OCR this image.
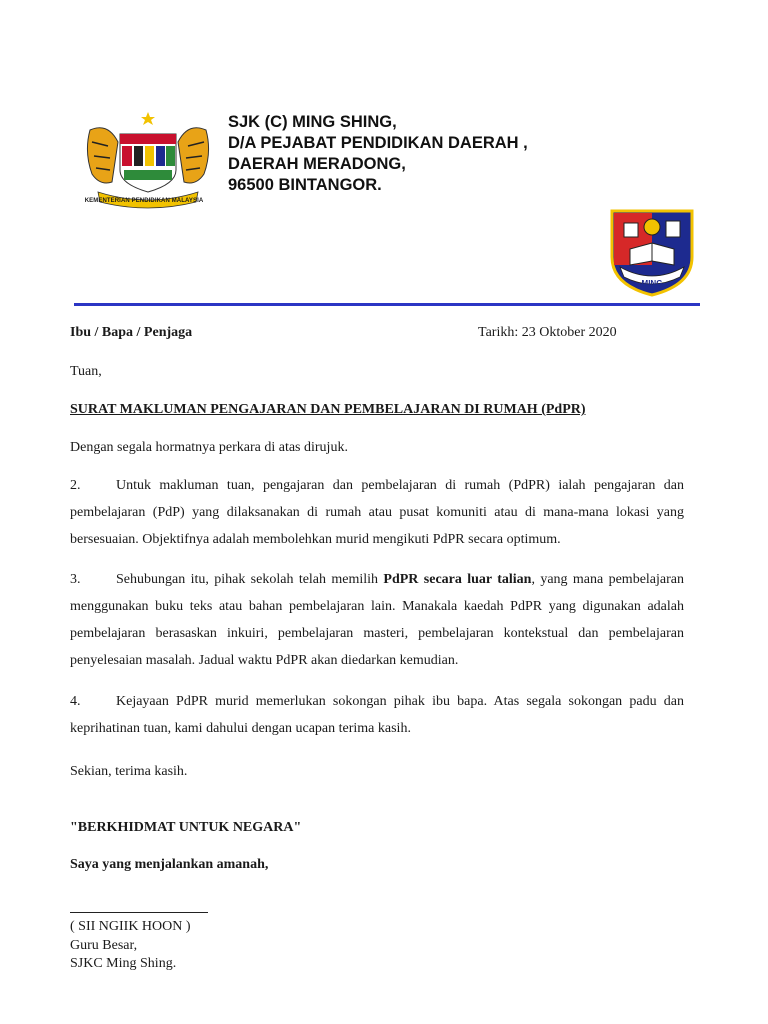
KEMENTERIAN PENDIDIKAN MALAYSIA
SJK (C) MING SHING,
D/A PEJABAT PENDIDIKAN DAERAH ,
DAERAH MERADONG,
96500 BINTANGOR.
MING
Ibu / Bapa / Penjaga	Tarikh: 23 Oktober 2020
Tuan,
SURAT MAKLUMAN PENGAJARAN DAN PEMBELAJARAN DI RUMAH (PdPR)
Dengan segala hormatnya perkara di atas dirujuk.
2.	Untuk makluman tuan, pengajaran dan pembelajaran di rumah (PdPR) ialah pengajaran dan pembelajaran (PdP) yang dilaksanakan di rumah atau pusat komuniti atau di mana-mana lokasi yang bersesuaian. Objektifnya adalah membolehkan murid mengikuti PdPR secara optimum.
3.	Sehubungan itu, pihak sekolah telah memilih PdPR secara luar talian, yang mana pembelajaran menggunakan buku teks atau bahan pembelajaran lain. Manakala kaedah PdPR yang digunakan adalah pembelajaran berasaskan inkuiri, pembelajaran masteri, pembelajaran kontekstual dan pembelajaran penyelesaian masalah. Jadual waktu PdPR akan diedarkan kemudian.
4.	Kejayaan PdPR murid memerlukan sokongan pihak ibu bapa. Atas segala sokongan padu dan keprihatinan tuan, kami dahului dengan ucapan terima kasih.
Sekian, terima kasih.
"BERKHIDMAT UNTUK NEGARA"
Saya yang menjalankan amanah,
( SII NGIIK HOON )
Guru Besar,
SJKC Ming Shing.
